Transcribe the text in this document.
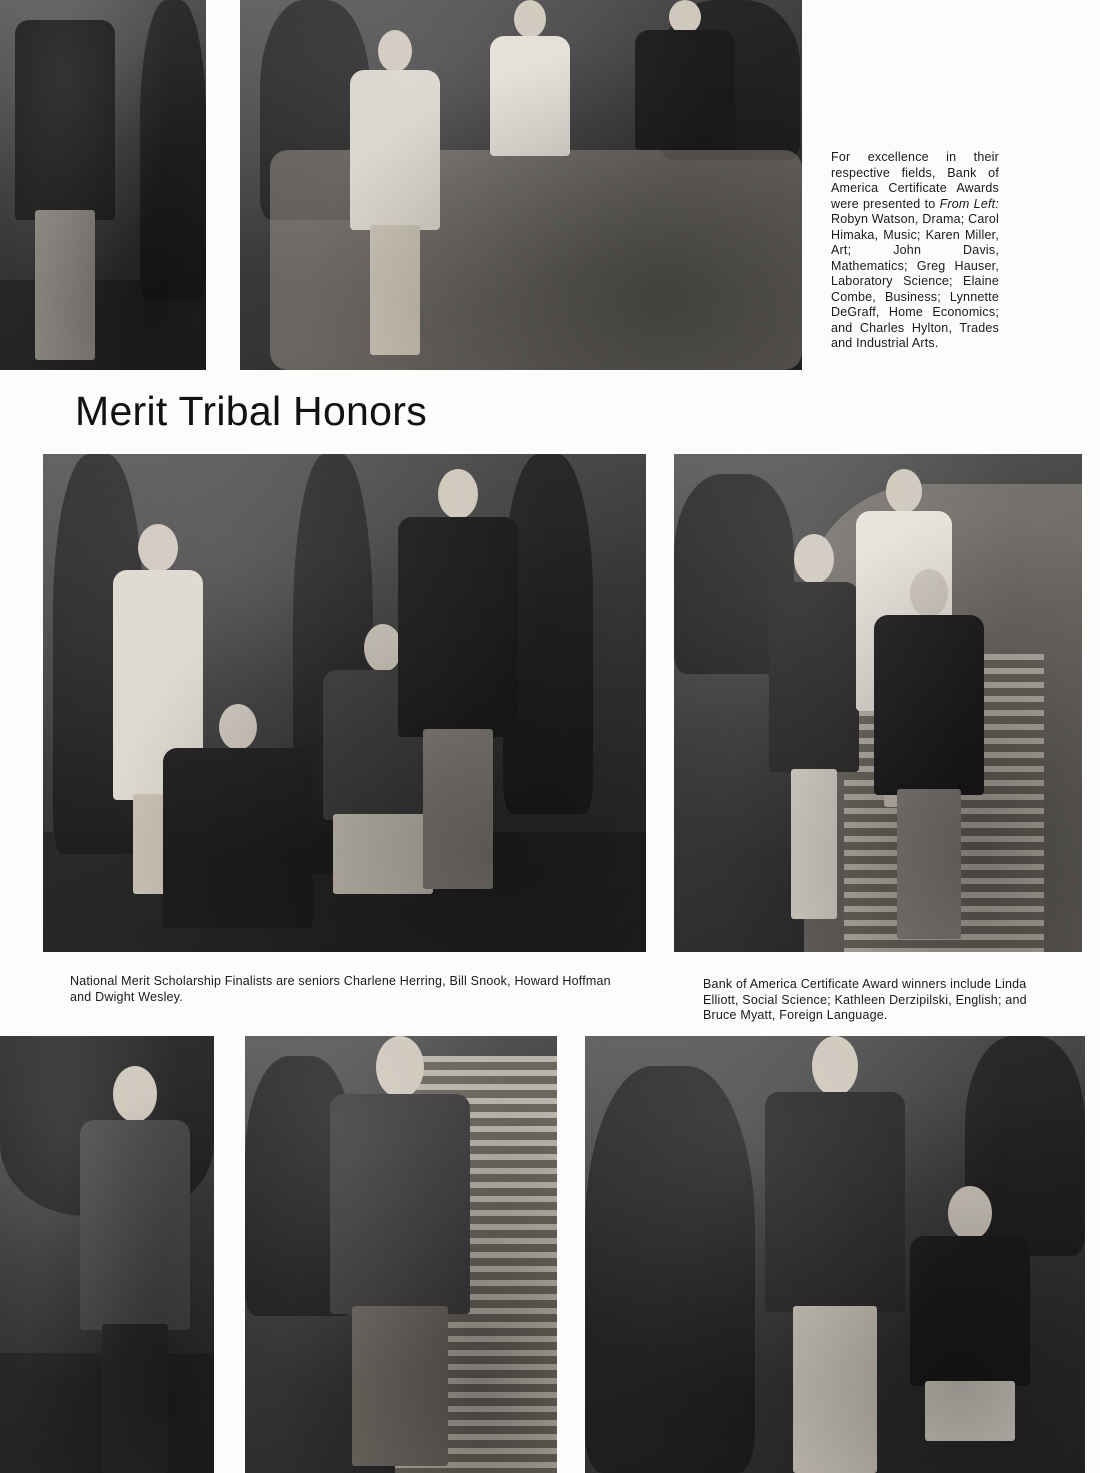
For excellence in their respective fields, Bank of America Certificate Awards were presented to From Left: Robyn Watson, Drama; Carol Himaka, Music; Karen Miller, Art; John Davis, Mathematics; Greg Hauser, Laboratory Science; Elaine Combe, Business; Lynnette DeGraff, Home Economics; and Charles Hylton, Trades and Industrial Arts.

Merit Tribal Honors

National Merit Scholarship Finalists are seniors Charlene Herring, Bill Snook, Howard Hoffman and Dwight Wesley.

Bank of America Certificate Award winners include Linda Elliott, Social Science; Kathleen Derzipilski, English; and Bruce Myatt, Foreign Language.
